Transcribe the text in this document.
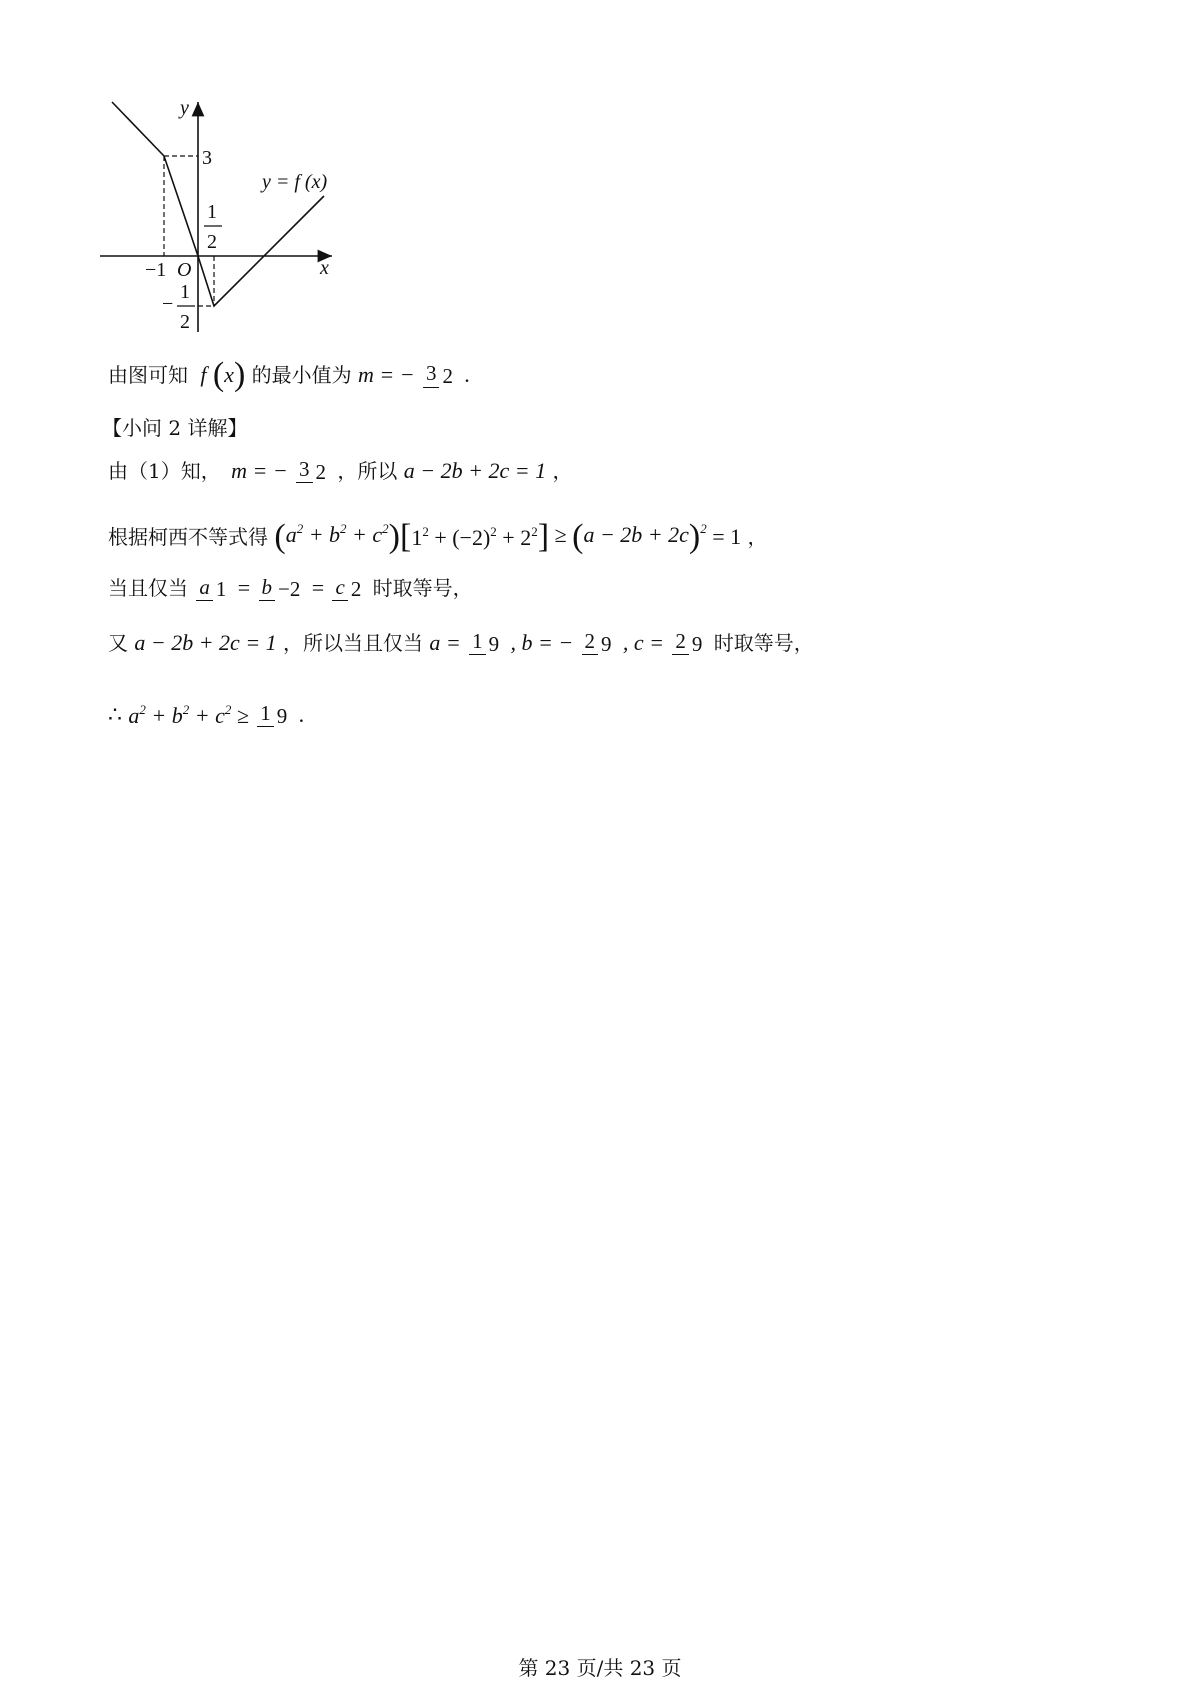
y
x
O
3
−1
1
2
−
1
2
y = f (x)
由图可知 f (x) 的最小值为 m = − 3 2 .
【小问 2 详解】
由（1）知， m = − 3 2 ，所以 a − 2b + 2c = 1 ，
根据柯西不等式得 $(a^2 + b^2 + c^2)[1^2 + (-2)^2 + 2^2] \ge (a - 2b + 2c)^2 = 1$ ，
当且仅当 a 1 = b −2 = c 2 时取等号，
又 a − 2b + 2c = 1 ，所以当且仅当 a = 1 9 , b = − 2 9 , c = 2 9 时取等号，
∴ $a^2 + b^2 + c^2 \ge 1$ 9 .
第 23 页/共 23 页
